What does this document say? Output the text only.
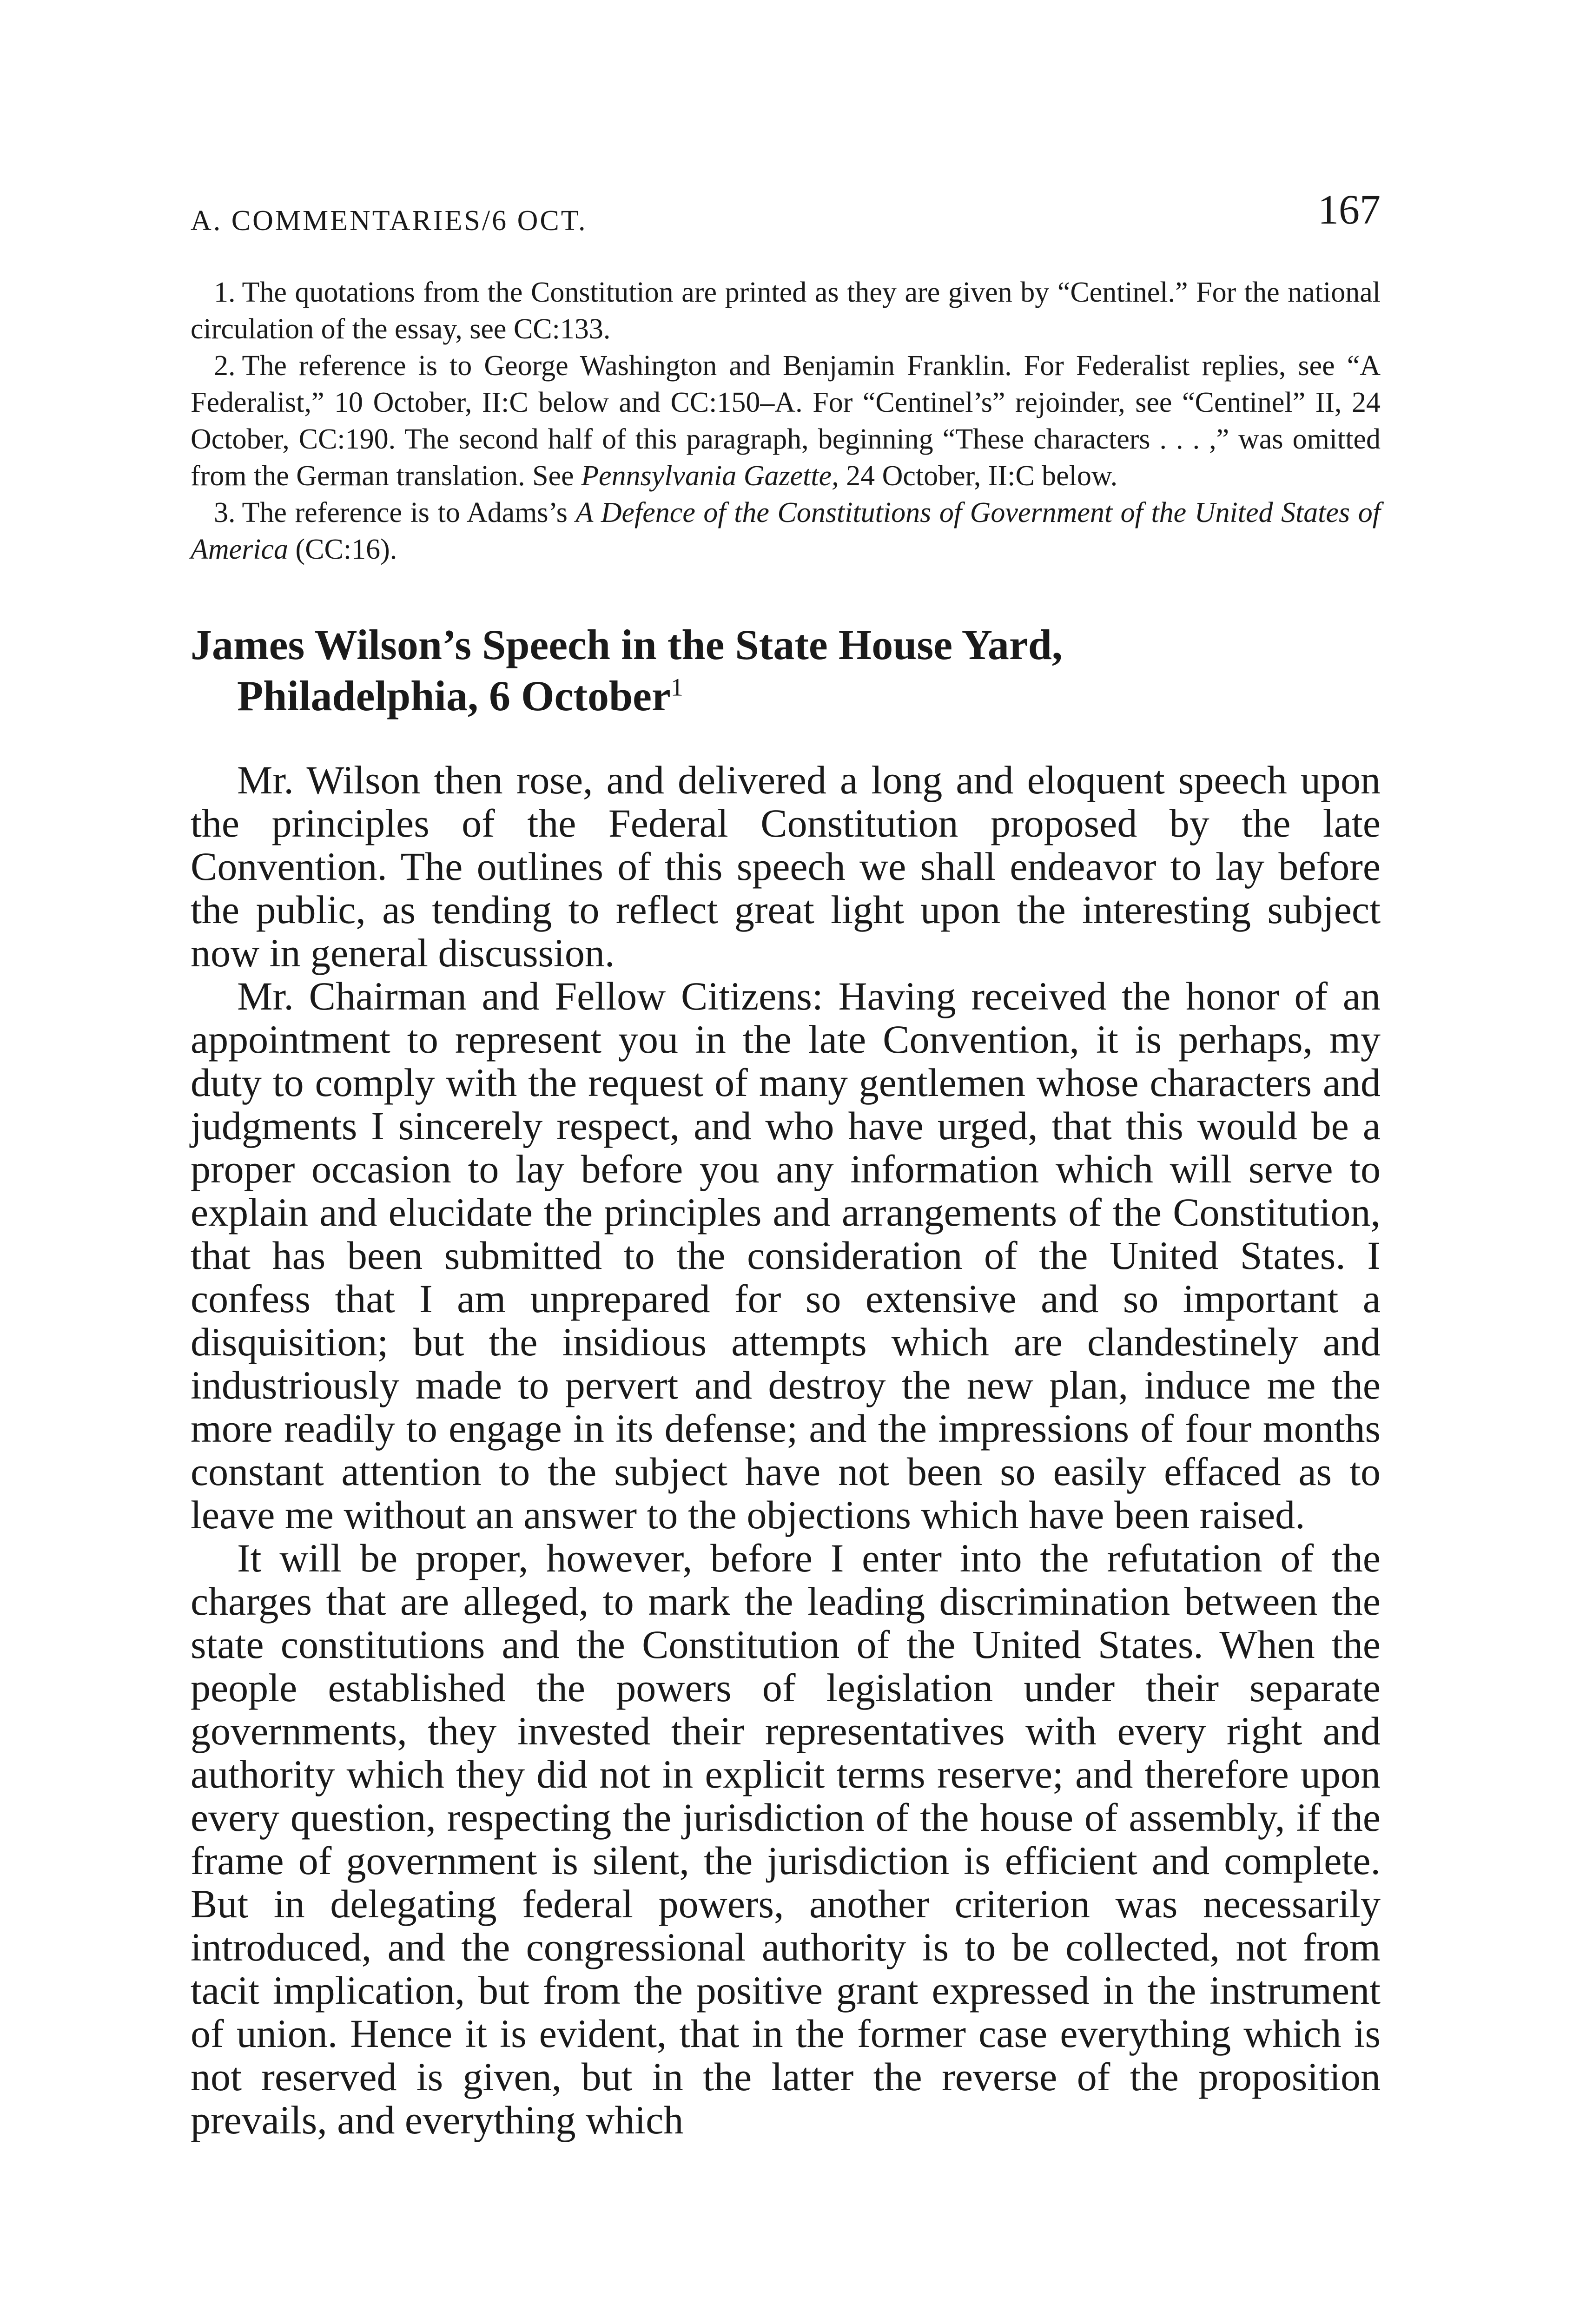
A. COMMENTARIES/6 OCT.	167

1. The quotations from the Constitution are printed as they are given by “Centinel.” For the national circulation of the essay, see CC:133.

2. The reference is to George Washington and Benjamin Franklin. For Federalist replies, see “A Federalist,” 10 October, II:C below and CC:150–A. For “Centinel’s” rejoinder, see “Centinel” II, 24 October, CC:190. The second half of this paragraph, beginning “These characters . . . ,” was omitted from the German translation. See Pennsylvania Gazette, 24 October, II:C below.

3. The reference is to Adams’s A Defence of the Constitutions of Government of the United States of America (CC:16).

James Wilson’s Speech in the State House Yard,
Philadelphia, 6 October$^1$

Mr. Wilson then rose, and delivered a long and eloquent speech upon the principles of the Federal Constitution proposed by the late Convention. The outlines of this speech we shall endeavor to lay before the public, as tending to reflect great light upon the interesting subject now in general discussion.

Mr. Chairman and Fellow Citizens: Having received the honor of an appointment to represent you in the late Convention, it is perhaps, my duty to comply with the request of many gentlemen whose characters and judgments I sincerely respect, and who have urged, that this would be a proper occasion to lay before you any information which will serve to explain and elucidate the principles and arrangements of the Constitution, that has been submitted to the consideration of the United States. I confess that I am unprepared for so extensive and so important a disquisition; but the insidious attempts which are clandestinely and industriously made to pervert and destroy the new plan, induce me the more readily to engage in its defense; and the impressions of four months constant attention to the subject have not been so easily effaced as to leave me without an answer to the objections which have been raised.

It will be proper, however, before I enter into the refutation of the charges that are alleged, to mark the leading discrimination between the state constitutions and the Constitution of the United States. When the people established the powers of legislation under their separate governments, they invested their representatives with every right and authority which they did not in explicit terms reserve; and therefore upon every question, respecting the jurisdiction of the house of assembly, if the frame of government is silent, the jurisdiction is efficient and complete. But in delegating federal powers, another criterion was necessarily introduced, and the congressional authority is to be collected, not from tacit implication, but from the positive grant expressed in the instrument of union. Hence it is evident, that in the former case everything which is not reserved is given, but in the latter the reverse of the proposition prevails, and everything which
